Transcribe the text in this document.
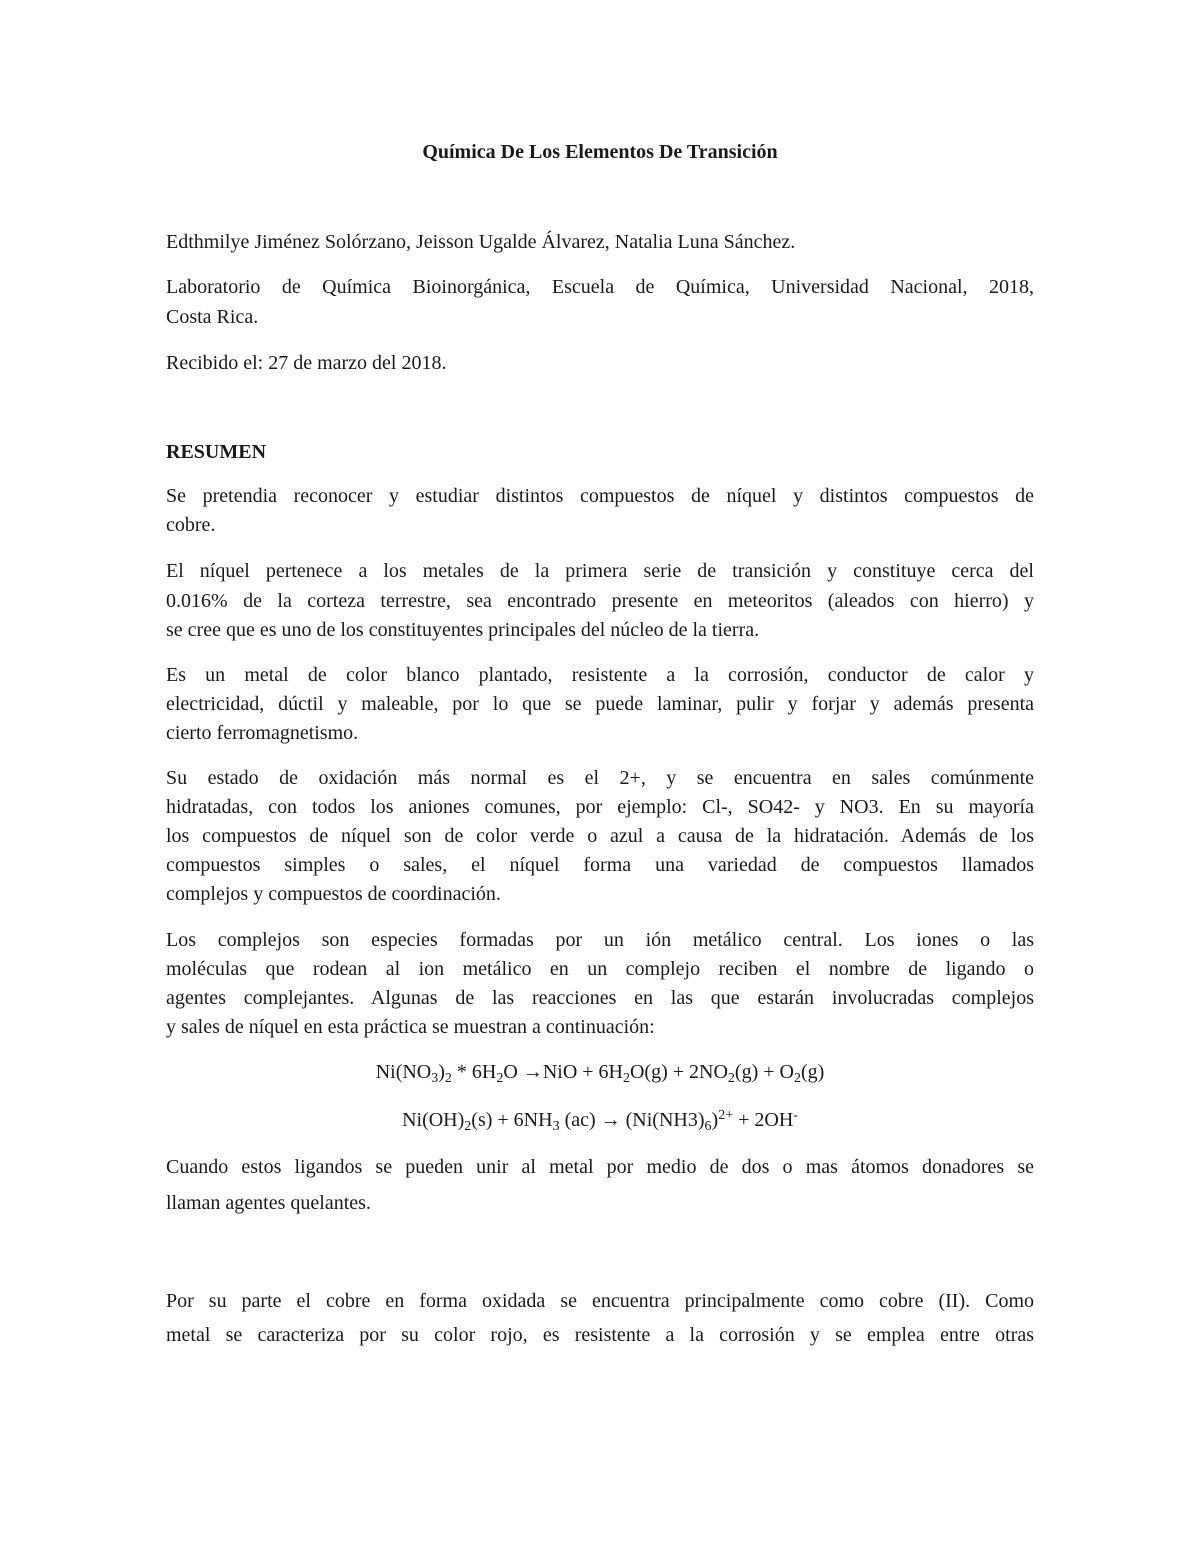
Química De Los Elementos De Transición
Edthmilye Jiménez Solórzano, Jeisson Ugalde Álvarez, Natalia Luna Sánchez.
Laboratorio de Química Bioinorgánica, Escuela de Química, Universidad Nacional, 2018,
Costa Rica.
Recibido el: 27 de marzo del 2018.
RESUMEN
Se pretendia reconocer y estudiar distintos compuestos de níquel y distintos compuestos de
cobre.
El níquel pertenece a los metales de la primera serie de transición y constituye cerca del
0.016% de la corteza terrestre, sea encontrado presente en meteoritos (aleados con hierro) y
se cree que es uno de los constituyentes principales del núcleo de la tierra.
Es un metal de color blanco plantado, resistente a la corrosión, conductor de calor y
electricidad, dúctil y maleable, por lo que se puede laminar, pulir y forjar y además presenta
cierto ferromagnetismo.
Su estado de oxidación más normal es el 2+, y se encuentra en sales comúnmente
hidratadas, con todos los aniones comunes, por ejemplo: Cl-, SO42- y NO3. En su mayoría
los compuestos de níquel son de color verde o azul a causa de la hidratación. Además de los
compuestos simples o sales, el níquel forma una variedad de compuestos llamados
complejos y compuestos de coordinación.
Los complejos son especies formadas por un ión metálico central. Los iones o las
moléculas que rodean al ion metálico en un complejo reciben el nombre de ligando o
agentes complejantes. Algunas de las reacciones en las que estarán involucradas complejos
y sales de níquel en esta práctica se muestran a continuación:
$Ni(NO_3)_2 * 6H_2O \to NiO + 6H_2O(g) + 2NO_2(g) + O_2(g)$
$Ni(OH)_2(s) + 6NH_3$ $(ac) \to (Ni(NH3)_6)^{2+} + 2OH^-$
Cuando estos ligandos se pueden unir al metal por medio de dos o mas átomos donadores se
llaman agentes quelantes.
Por su parte el cobre en forma oxidada se encuentra principalmente como cobre (II). Como
metal se caracteriza por su color rojo, es resistente a la corrosión y se emplea entre otras
